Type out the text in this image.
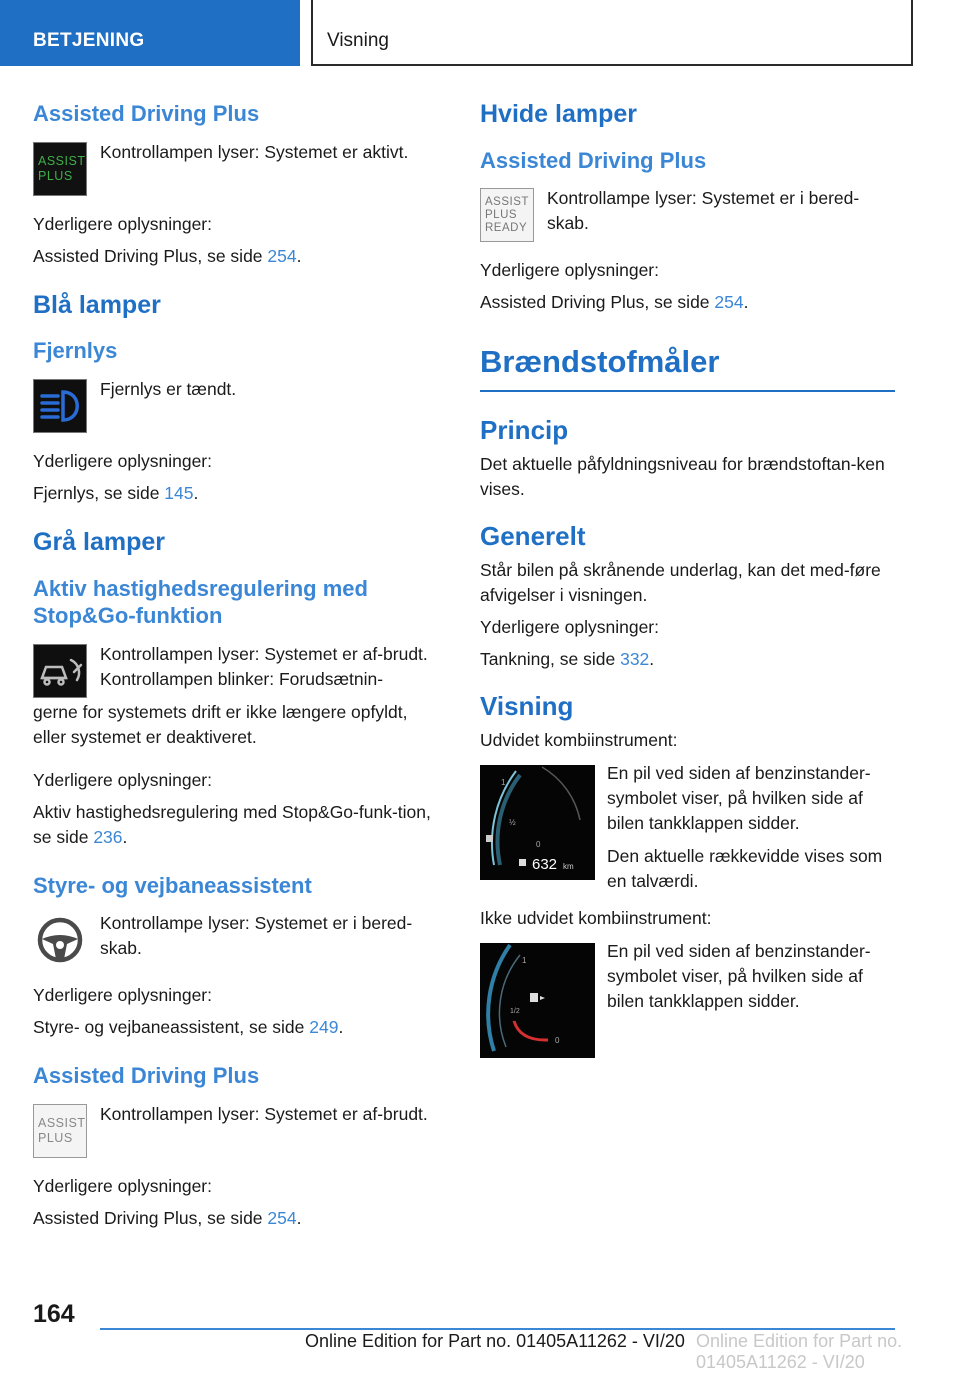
BETJENING	Visning
Assisted Driving Plus
ASSIST
PLUS
Kontrollampen lyser: Systemet er aktivt.
Yderligere oplysninger:
Assisted Driving Plus, se side 254.
Blå lamper
Fjernlys
Fjernlys er tændt.
Yderligere oplysninger:
Fjernlys, se side 145.
Grå lamper
Aktiv hastighedsregulering med Stop&Go-funktion
Kontrollampen lyser: Systemet er af-brudt.
Kontrollampen blinker: Forudsætnin-
gerne for systemets drift er ikke længere opfyldt, eller systemet er deaktiveret.
Yderligere oplysninger:
Aktiv hastighedsregulering med Stop&Go-funk-tion, se side 236.
Styre- og vejbaneassistent
Kontrollampe lyser: Systemet er i bered-skab.
Yderligere oplysninger:
Styre- og vejbaneassistent, se side 249.
Assisted Driving Plus
ASSIST
PLUS
Kontrollampen lyser: Systemet er af-brudt.
Yderligere oplysninger:
Assisted Driving Plus, se side 254.
Hvide lamper
Assisted Driving Plus
ASSIST
PLUS
READY
Kontrollampe lyser: Systemet er i bered-skab.
Yderligere oplysninger:
Assisted Driving Plus, se side 254.
Brændstofmåler
Princip
Det aktuelle påfyldningsniveau for brændstoftan-ken vises.
Generelt
Står bilen på skrånende underlag, kan det med-føre afvigelser i visningen.
Yderligere oplysninger:
Tankning, se side 332.
Visning
Udvidet kombiinstrument:
1
½
0
632 km
En pil ved siden af benzinstander-symbolet viser, på hvilken side af bilen tankklappen sidder.
Den aktuelle rækkevidde vises som en talværdi.
Ikke udvidet kombiinstrument:
1
1/2
0
En pil ved siden af benzinstander-symbolet viser, på hvilken side af bilen tankklappen sidder.
164
Online Edition for Part no. 01405A11262 - VI/20 Online Edition for Part no. 01405A11262 - VI/20
